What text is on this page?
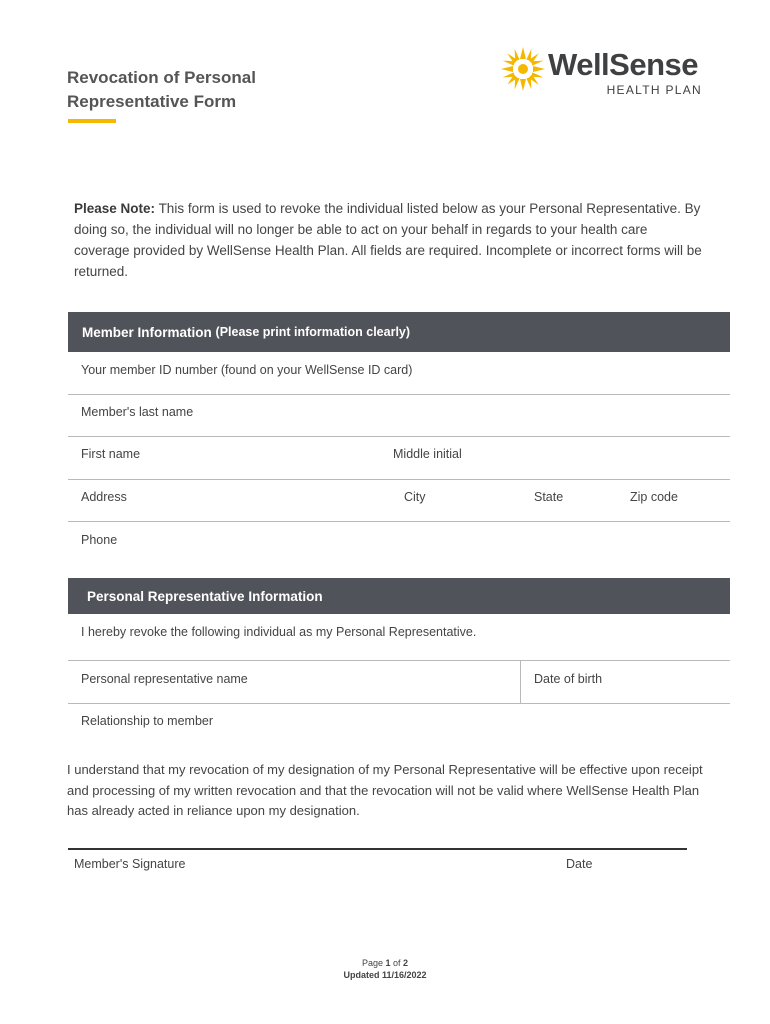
Revocation of Personal
Representative Form
WellSense
HEALTH PLAN
Please Note: This form is used to revoke the individual listed below as your Personal Representative. By doing so, the individual will no longer be able to act on your behalf in regards to your health care coverage provided by WellSense Health Plan. All fields are required. Incomplete or incorrect forms will be returned.
Member Information
(Please print information clearly)
Your member ID number (found on your WellSense ID card)
Member's last name
First name	Middle initial
Address	City	State	Zip code
Phone
Personal Representative Information
I hereby revoke the following individual as my Personal Representative.
Personal representative name	Date of birth
Relationship to member
I understand that my revocation of my designation of my Personal Representative will be effective upon receipt and processing of my written revocation and that the revocation will not be valid where WellSense Health Plan has already acted in reliance upon my designation.
Member's Signature	Date
Page 1 of 2
Updated 11/16/2022
